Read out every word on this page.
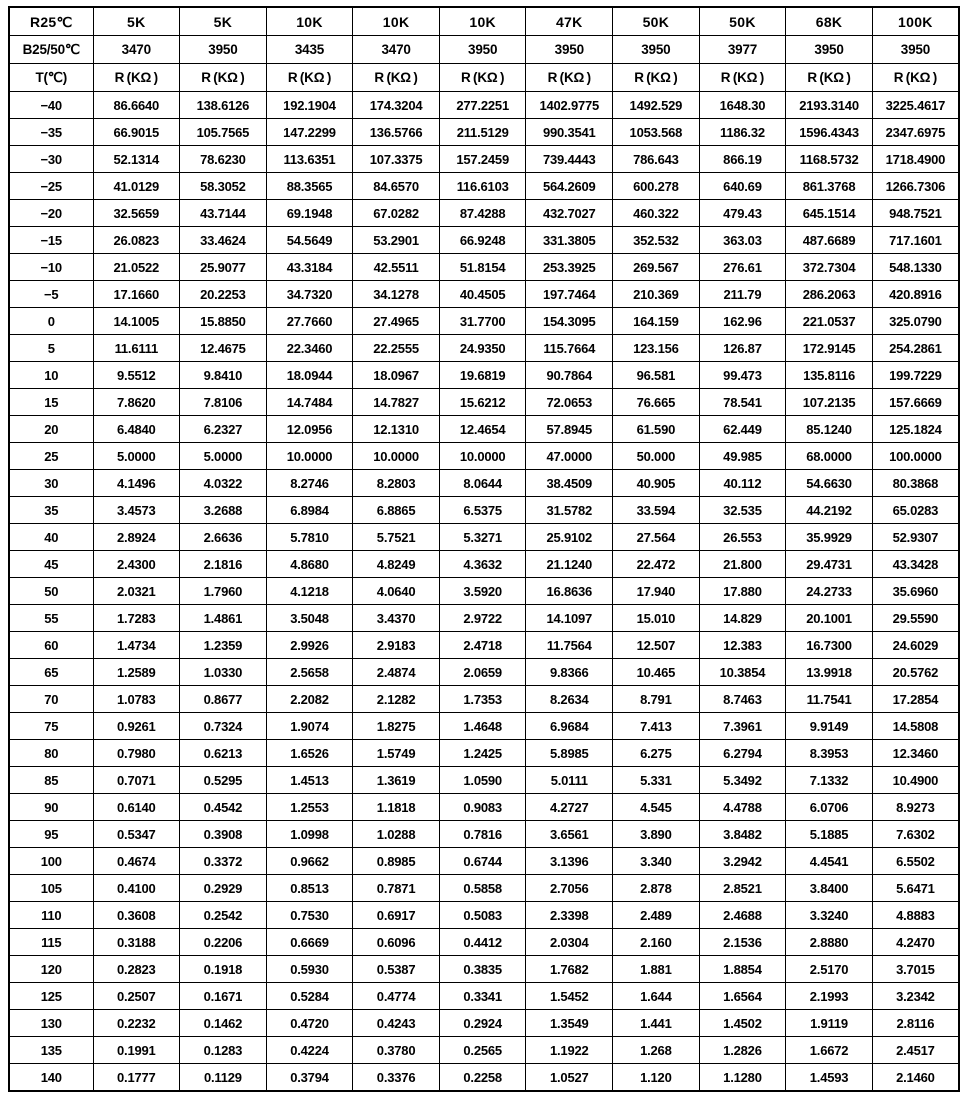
R25℃	5K	5K	10K	10K	10K	47K	50K	50K	68K	100K
B25/50℃	3470	3950	3435	3470	3950	3950	3950	3977	3950	3950
T(℃)	R (KΩ )	R (KΩ )	R (KΩ )	R (KΩ )	R (KΩ )	R (KΩ )	R (KΩ )	R (KΩ )	R (KΩ )	R (KΩ )
−40	86.6640	138.6126	192.1904	174.3204	277.2251	1402.9775	1492.529	1648.30	2193.3140	3225.4617
−35	66.9015	105.7565	147.2299	136.5766	211.5129	990.3541	1053.568	1186.32	1596.4343	2347.6975
−30	52.1314	78.6230	113.6351	107.3375	157.2459	739.4443	786.643	866.19	1168.5732	1718.4900
−25	41.0129	58.3052	88.3565	84.6570	116.6103	564.2609	600.278	640.69	861.3768	1266.7306
−20	32.5659	43.7144	69.1948	67.0282	87.4288	432.7027	460.322	479.43	645.1514	948.7521
−15	26.0823	33.4624	54.5649	53.2901	66.9248	331.3805	352.532	363.03	487.6689	717.1601
−10	21.0522	25.9077	43.3184	42.5511	51.8154	253.3925	269.567	276.61	372.7304	548.1330
−5	17.1660	20.2253	34.7320	34.1278	40.4505	197.7464	210.369	211.79	286.2063	420.8916
0	14.1005	15.8850	27.7660	27.4965	31.7700	154.3095	164.159	162.96	221.0537	325.0790
5	11.6111	12.4675	22.3460	22.2555	24.9350	115.7664	123.156	126.87	172.9145	254.2861
10	9.5512	9.8410	18.0944	18.0967	19.6819	90.7864	96.581	99.473	135.8116	199.7229
15	7.8620	7.8106	14.7484	14.7827	15.6212	72.0653	76.665	78.541	107.2135	157.6669
20	6.4840	6.2327	12.0956	12.1310	12.4654	57.8945	61.590	62.449	85.1240	125.1824
25	5.0000	5.0000	10.0000	10.0000	10.0000	47.0000	50.000	49.985	68.0000	100.0000
30	4.1496	4.0322	8.2746	8.2803	8.0644	38.4509	40.905	40.112	54.6630	80.3868
35	3.4573	3.2688	6.8984	6.8865	6.5375	31.5782	33.594	32.535	44.2192	65.0283
40	2.8924	2.6636	5.7810	5.7521	5.3271	25.9102	27.564	26.553	35.9929	52.9307
45	2.4300	2.1816	4.8680	4.8249	4.3632	21.1240	22.472	21.800	29.4731	43.3428
50	2.0321	1.7960	4.1218	4.0640	3.5920	16.8636	17.940	17.880	24.2733	35.6960
55	1.7283	1.4861	3.5048	3.4370	2.9722	14.1097	15.010	14.829	20.1001	29.5590
60	1.4734	1.2359	2.9926	2.9183	2.4718	11.7564	12.507	12.383	16.7300	24.6029
65	1.2589	1.0330	2.5658	2.4874	2.0659	9.8366	10.465	10.3854	13.9918	20.5762
70	1.0783	0.8677	2.2082	2.1282	1.7353	8.2634	8.791	8.7463	11.7541	17.2854
75	0.9261	0.7324	1.9074	1.8275	1.4648	6.9684	7.413	7.3961	9.9149	14.5808
80	0.7980	0.6213	1.6526	1.5749	1.2425	5.8985	6.275	6.2794	8.3953	12.3460
85	0.7071	0.5295	1.4513	1.3619	1.0590	5.0111	5.331	5.3492	7.1332	10.4900
90	0.6140	0.4542	1.2553	1.1818	0.9083	4.2727	4.545	4.4788	6.0706	8.9273
95	0.5347	0.3908	1.0998	1.0288	0.7816	3.6561	3.890	3.8482	5.1885	7.6302
100	0.4674	0.3372	0.9662	0.8985	0.6744	3.1396	3.340	3.2942	4.4541	6.5502
105	0.4100	0.2929	0.8513	0.7871	0.5858	2.7056	2.878	2.8521	3.8400	5.6471
110	0.3608	0.2542	0.7530	0.6917	0.5083	2.3398	2.489	2.4688	3.3240	4.8883
115	0.3188	0.2206	0.6669	0.6096	0.4412	2.0304	2.160	2.1536	2.8880	4.2470
120	0.2823	0.1918	0.5930	0.5387	0.3835	1.7682	1.881	1.8854	2.5170	3.7015
125	0.2507	0.1671	0.5284	0.4774	0.3341	1.5452	1.644	1.6564	2.1993	3.2342
130	0.2232	0.1462	0.4720	0.4243	0.2924	1.3549	1.441	1.4502	1.9119	2.8116
135	0.1991	0.1283	0.4224	0.3780	0.2565	1.1922	1.268	1.2826	1.6672	2.4517
140	0.1777	0.1129	0.3794	0.3376	0.2258	1.0527	1.120	1.1280	1.4593	2.1460
